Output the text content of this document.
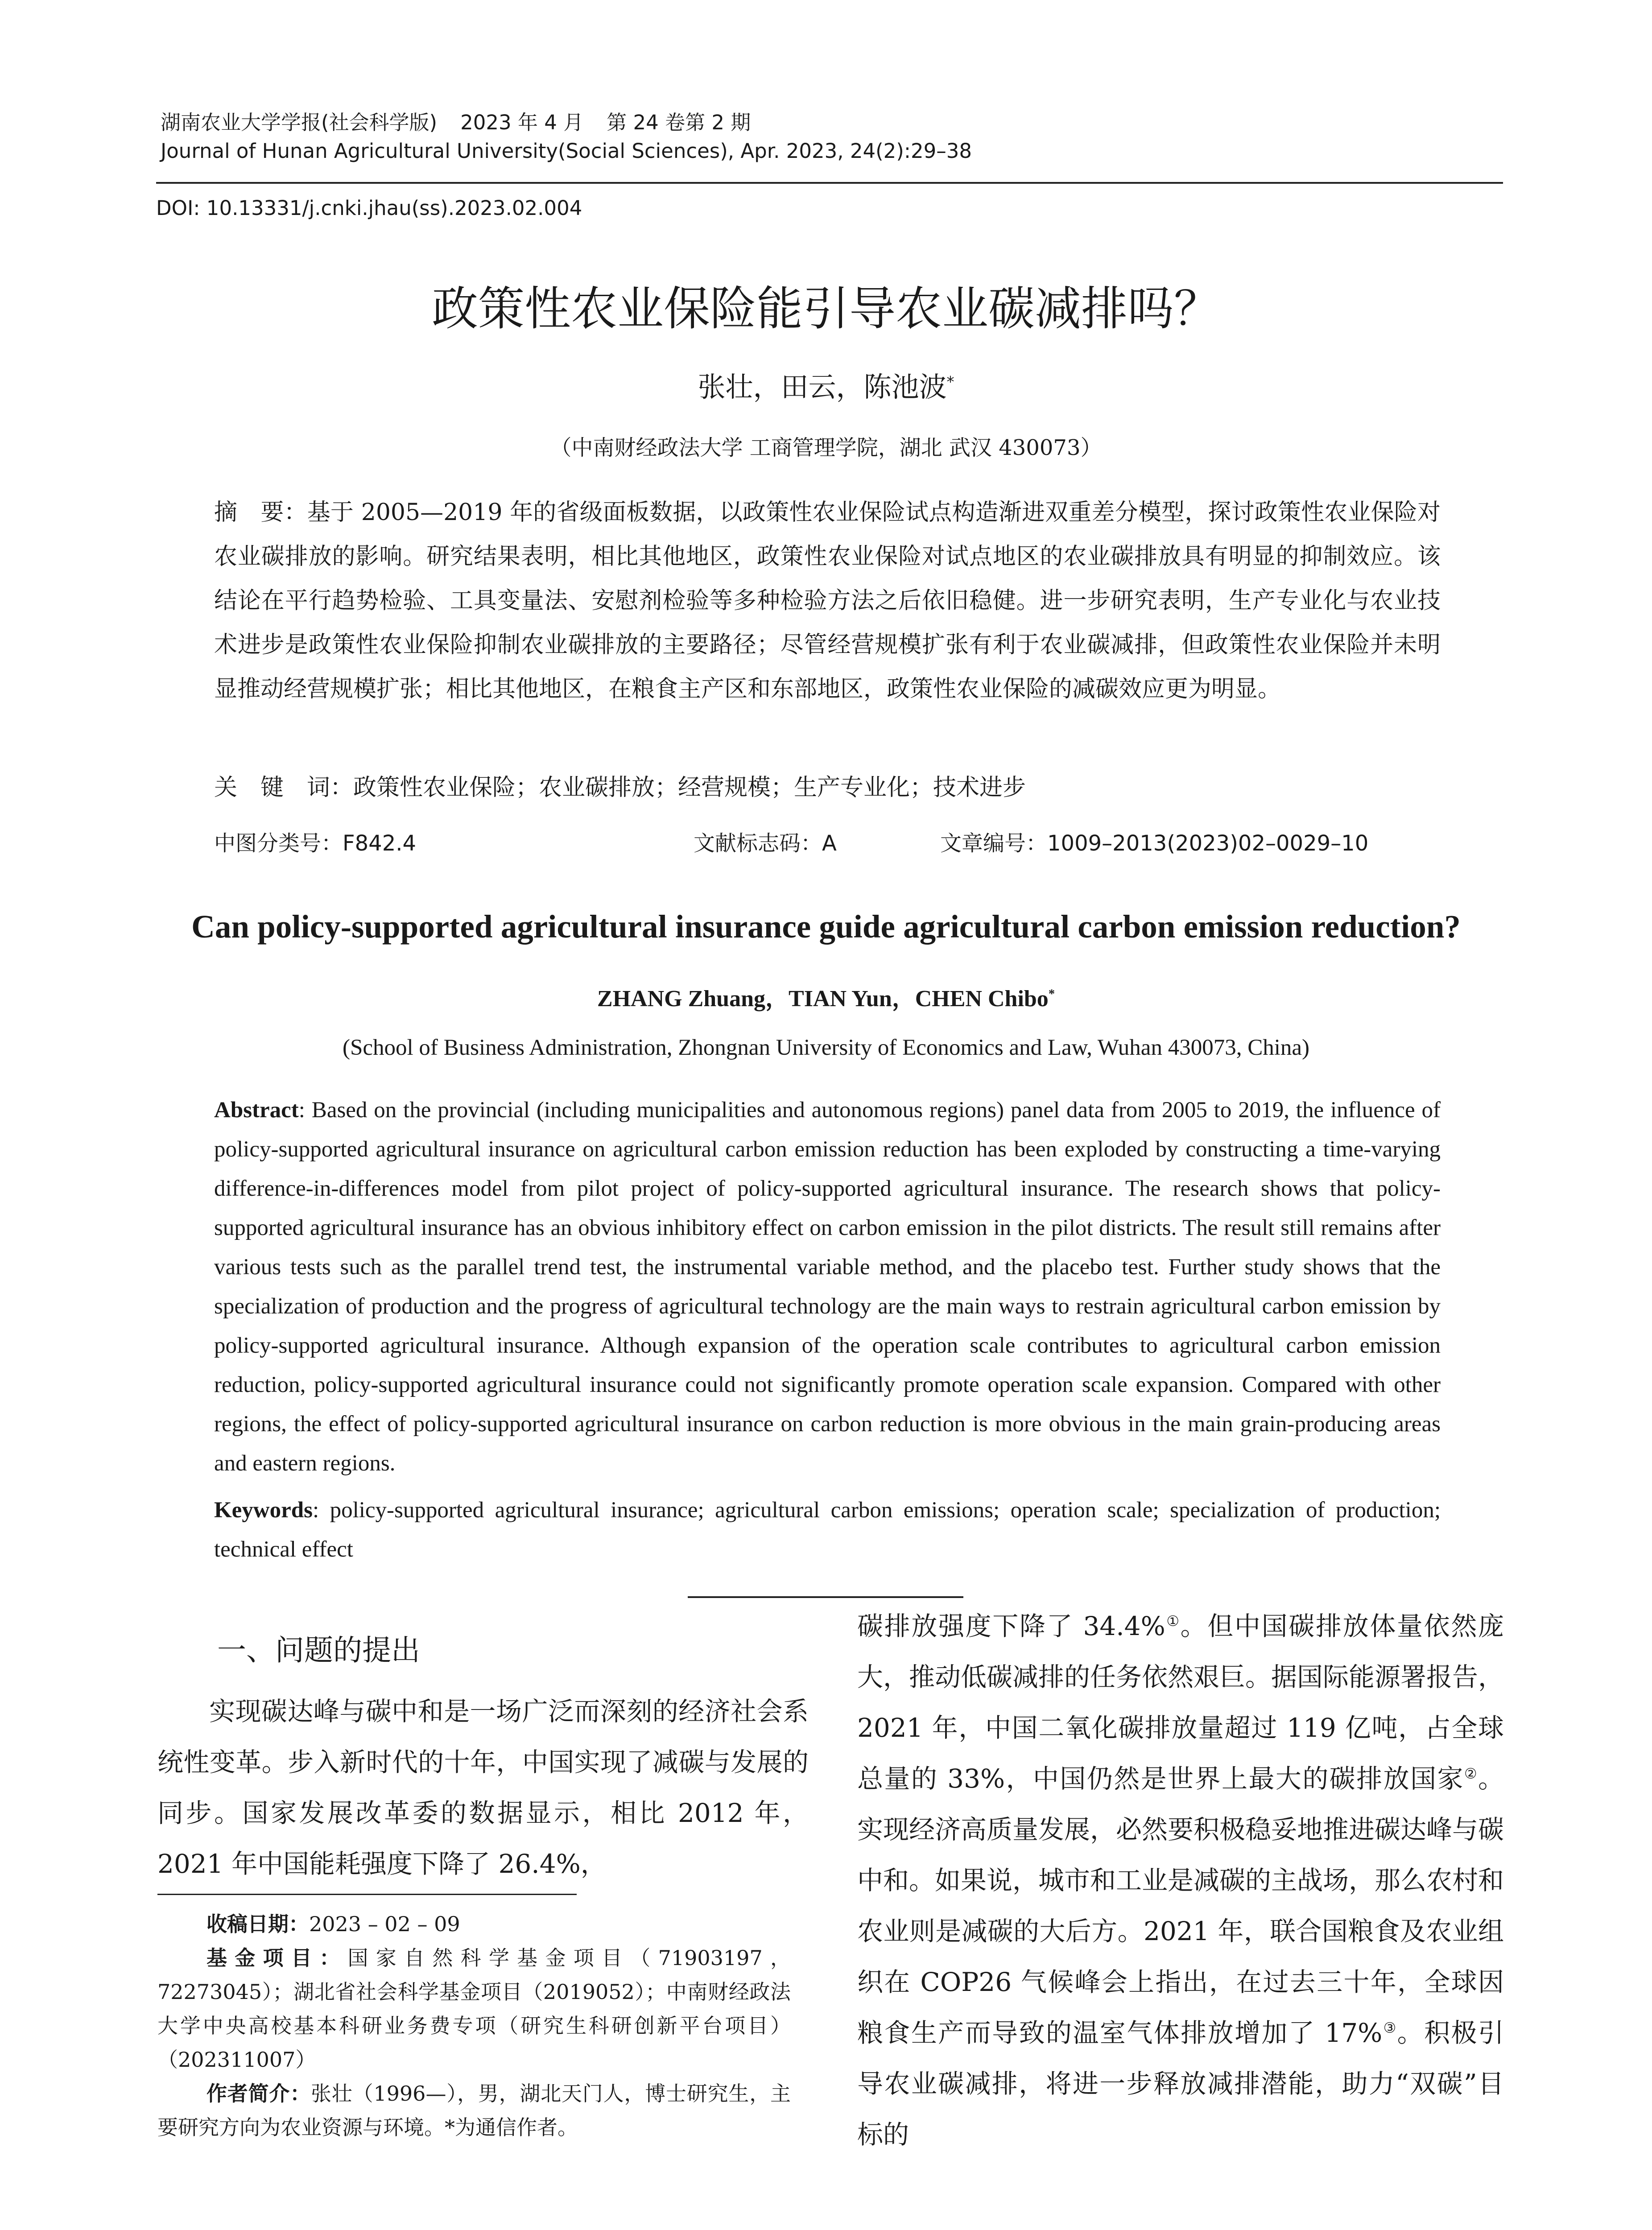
湖南农业大学学报(社会科学版) 2023 年 4 月 第 24 卷第 2 期
Journal of Hunan Agricultural University(Social Sciences), Apr. 2023, 24(2):29–38
DOI: 10.13331/j.cnki.jhau(ss).2023.02.004
政策性农业保险能引导农业碳减排吗？
张壮，田云，陈池波*
（中南财经政法大学 工商管理学院，湖北 武汉 430073）
摘　要：基于 2005—2019 年的省级面板数据，以政策性农业保险试点构造渐进双重差分模型，探讨政策性农业保险对农业碳排放的影响。研究结果表明，相比其他地区，政策性农业保险对试点地区的农业碳排放具有明显的抑制效应。该结论在平行趋势检验、工具变量法、安慰剂检验等多种检验方法之后依旧稳健。进一步研究表明，生产专业化与农业技术进步是政策性农业保险抑制农业碳排放的主要路径；尽管经营规模扩张有利于农业碳减排，但政策性农业保险并未明显推动经营规模扩张；相比其他地区，在粮食主产区和东部地区，政策性农业保险的减碳效应更为明显。
关　键　词：政策性农业保险；农业碳排放；经营规模；生产专业化；技术进步
中图分类号：F842.4	文献标志码：A	文章编号：1009–2013(2023)02–0029–10
Can policy-supported agricultural insurance guide agricultural carbon emission reduction?
ZHANG Zhuang，TIAN Yun，CHEN Chibo*
(School of Business Administration, Zhongnan University of Economics and Law, Wuhan 430073, China)
Abstract: Based on the provincial (including municipalities and autonomous regions) panel data from 2005 to 2019, the influence of policy-supported agricultural insurance on agricultural carbon emission reduction has been exploded by constructing a time-varying difference-in-differences model from pilot project of policy-supported agricultural insurance. The research shows that policy-supported agricultural insurance has an obvious inhibitory effect on carbon emission in the pilot districts. The result still remains after various tests such as the parallel trend test, the instrumental variable method, and the placebo test. Further study shows that the specialization of production and the progress of agricultural technology are the main ways to restrain agricultural carbon emission by policy-supported agricultural insurance. Although expansion of the operation scale contributes to agricultural carbon emission reduction, policy-supported agricultural insurance could not significantly promote operation scale expansion. Compared with other regions, the effect of policy-supported agricultural insurance on carbon reduction is more obvious in the main grain-producing areas and eastern regions.
Keywords: policy-supported agricultural insurance; agricultural carbon emissions; operation scale; specialization of production; technical effect
一、问题的提出
实现碳达峰与碳中和是一场广泛而深刻的经济社会系统性变革。步入新时代的十年，中国实现了减碳与发展的同步。国家发展改革委的数据显示，相比 2012 年，2021 年中国能耗强度下降了 26.4%，
碳排放强度下降了 34.4%①。但中国碳排放体量依然庞大，推动低碳减排的任务依然艰巨。据国际能源署报告，2021 年，中国二氧化碳排放量超过 119 亿吨，占全球总量的 33%，中国仍然是世界上最大的碳排放国家②。实现经济高质量发展，必然要积极稳妥地推进碳达峰与碳中和。如果说，城市和工业是减碳的主战场，那么农村和农业则是减碳的大后方。2021 年，联合国粮食及农业组织在 COP26 气候峰会上指出，在过去三十年，全球因粮食生产而导致的温室气体排放增加了 17%③。积极引导农业碳减排，将进一步释放减排潜能，助力“双碳”目标的
收稿日期：2023 – 02 – 09
基金项目：国家自然科学基金项目（71903197，72273045）；湖北省社会科学基金项目（2019052）；中南财经政法大学中央高校基本科研业务费专项（研究生科研创新平台项目）（202311007）
作者简介：张壮（1996—），男，湖北天门人，博士研究生，主要研究方向为农业资源与环境。*为通信作者。
